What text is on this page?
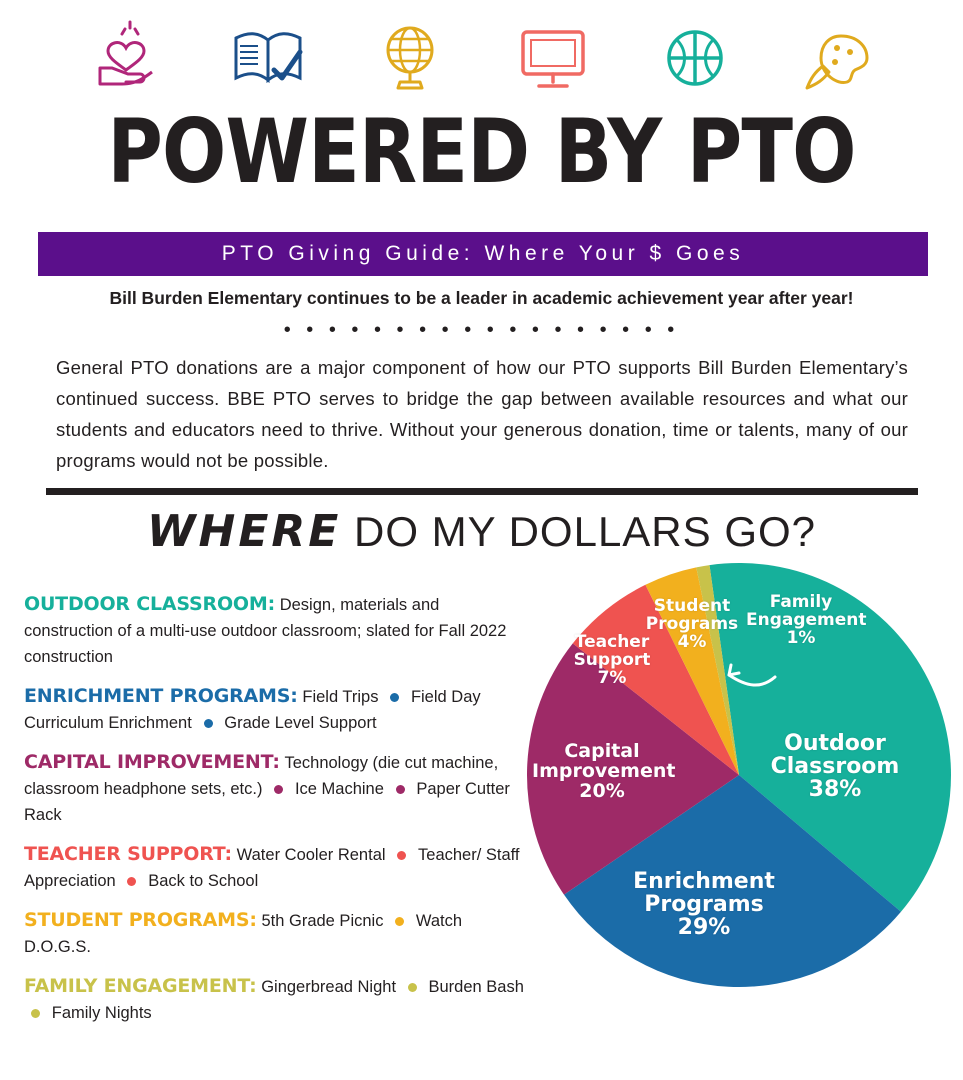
POWERED BY PTO
PTO Giving Guide: Where Your $ Goes
Bill Burden Elementary continues to be a leader in academic achievement year after year!
• • • • • • • • • • • • • • • • • •
General PTO donations are a major component of how our PTO supports Bill Burden Elementary’s continued success. BBE PTO serves to bridge the gap between available resources and what our students and educators need to thrive. Without your generous donation, time or talents, many of our programs would not be possible.
WHERE DO MY DOLLARS GO?
OUTDOOR CLASSROOM: Design, materials and construction of a multi-use outdoor classroom; slated for Fall 2022 construction
ENRICHMENT PROGRAMS: Field Trips Field Day Curriculum Enrichment Grade Level Support
CAPITAL IMPROVEMENT: Technology (die cut machine, classroom headphone sets, etc.) Ice Machine Paper Cutter Rack
TEACHER SUPPORT: Water Cooler Rental Teacher/ Staff Appreciation Back to School
STUDENT PROGRAMS: 5th Grade Picnic Watch D.O.G.S.
FAMILY ENGAGEMENT: Gingerbread Night Burden Bash  Family Nights
Outdoor Classroom
38%
Enrichment Programs
29%
Capital Improvement
20%
Teacher Support
7%
Student Programs
4%
Family Engagement
1%
